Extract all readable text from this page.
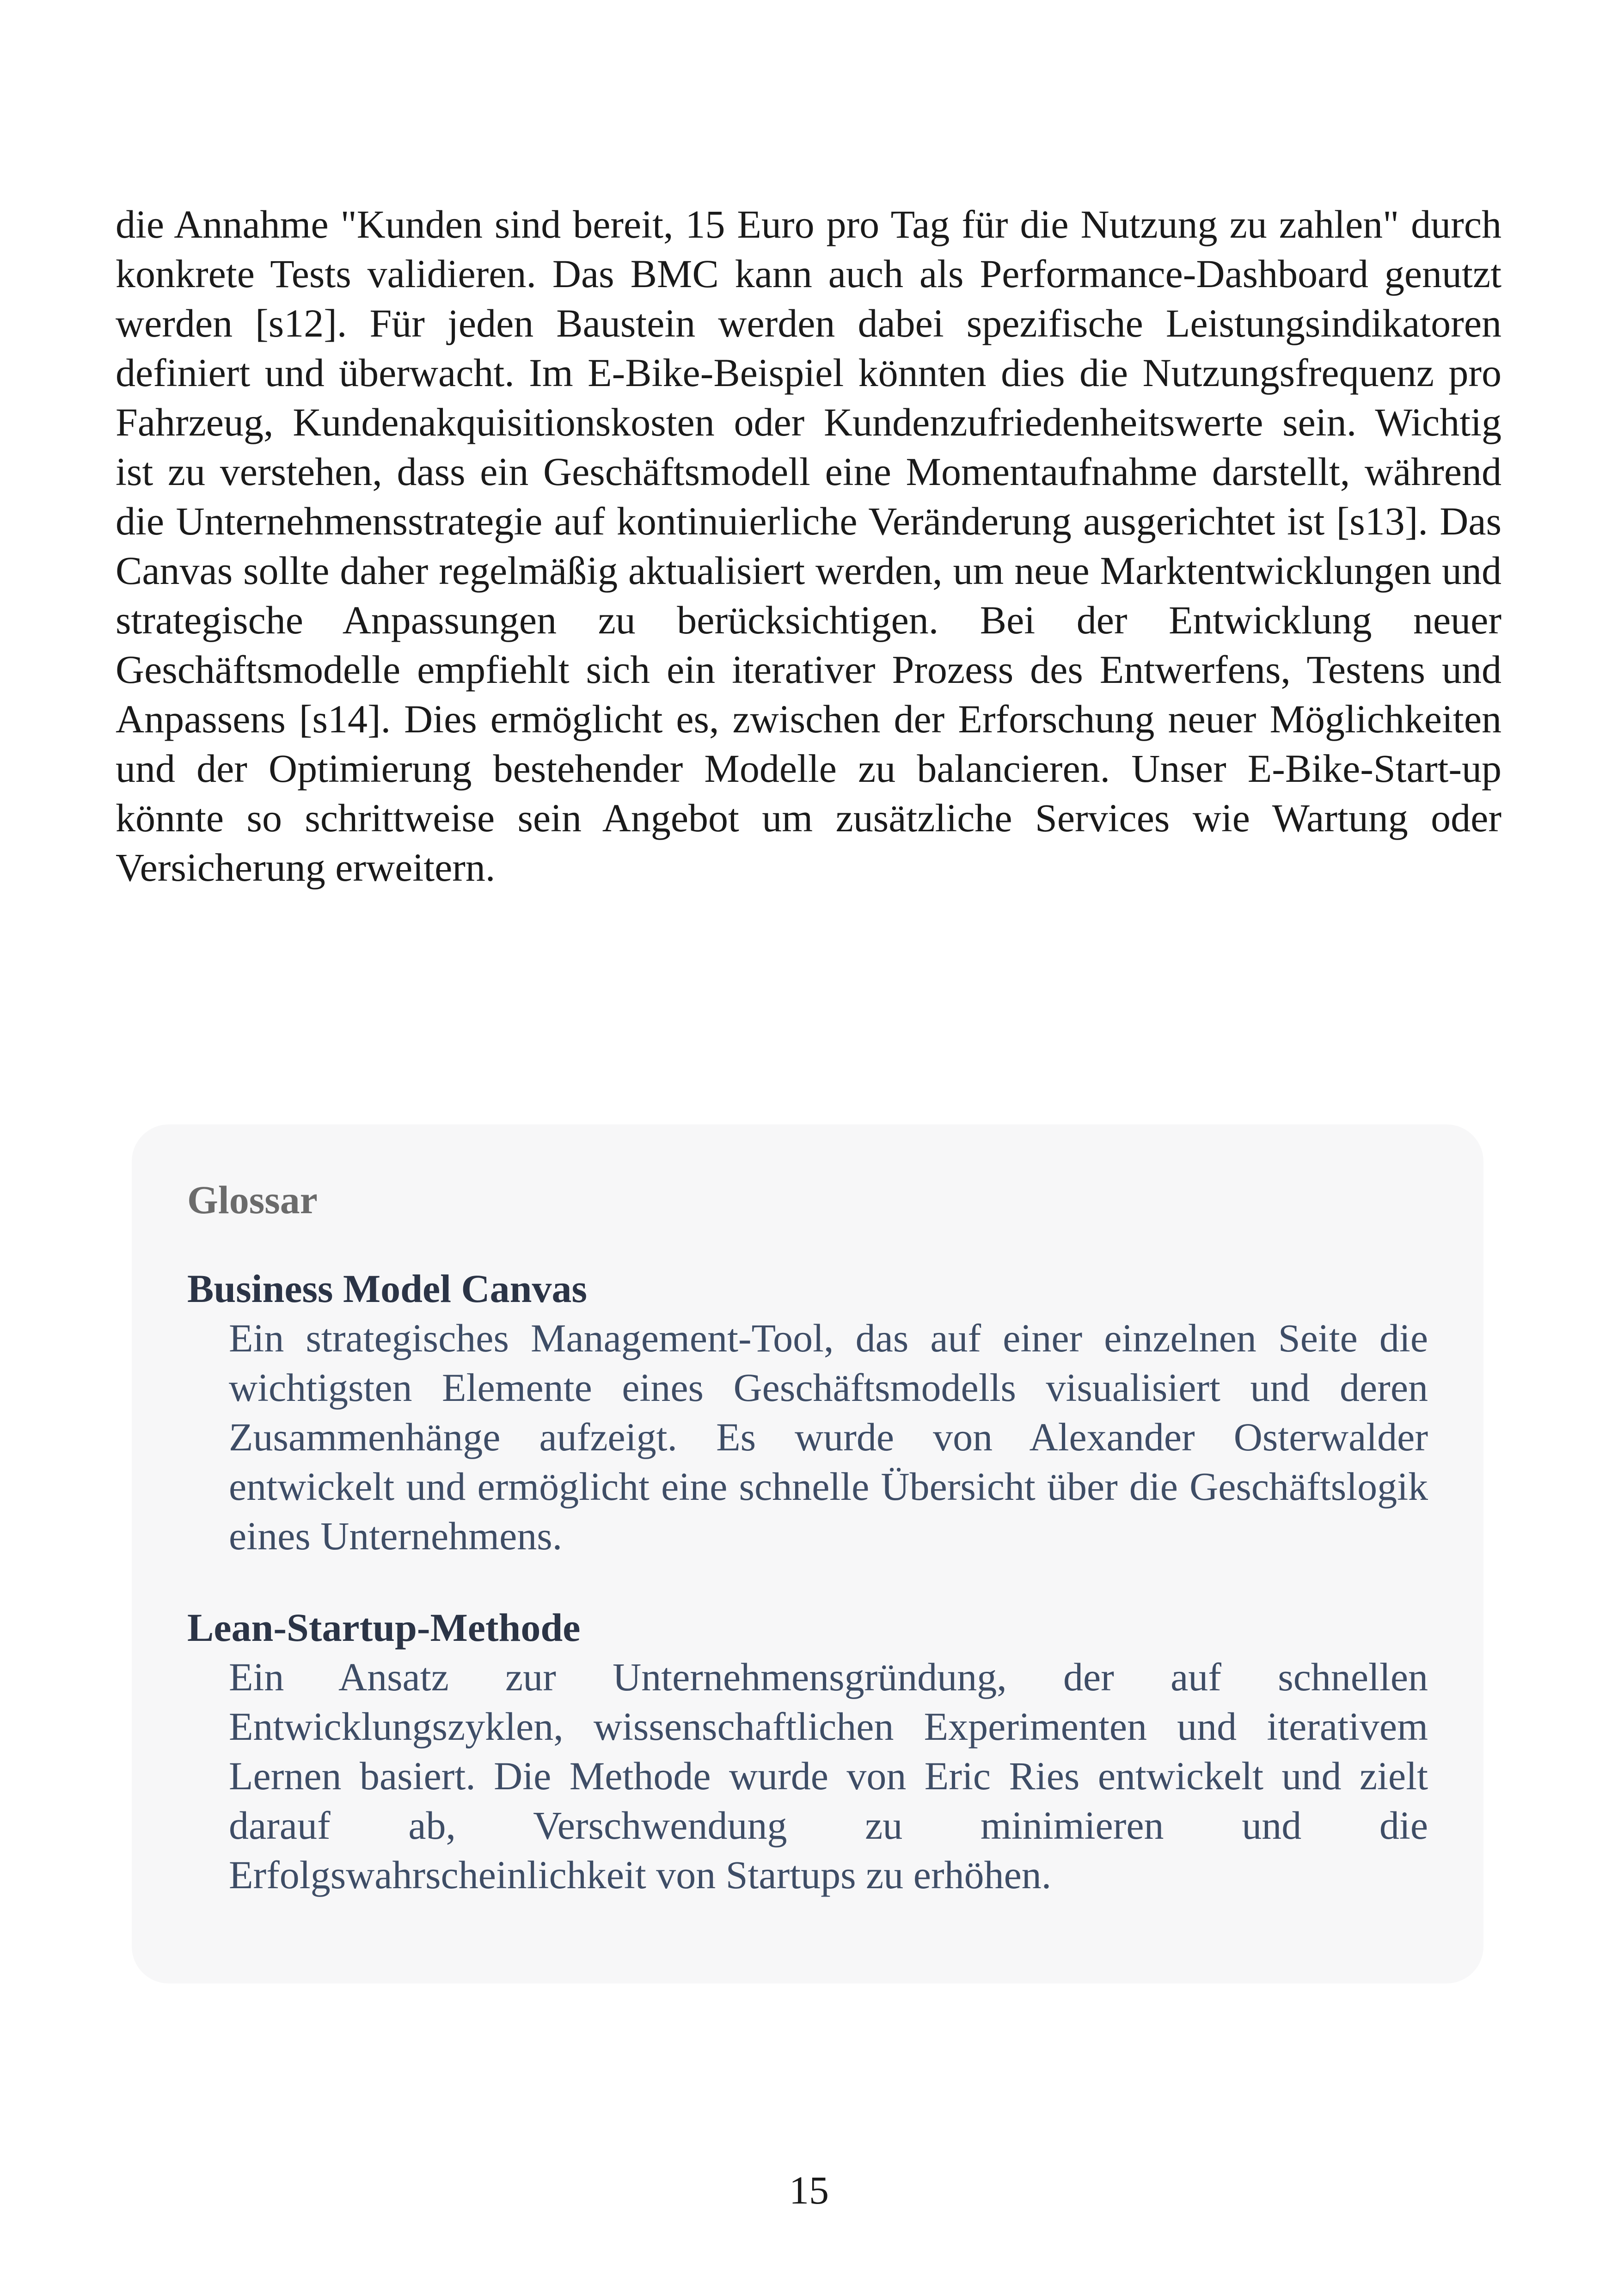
die Annahme "Kunden sind bereit, 15 Euro pro Tag für die Nutzung zu zahlen" durch konkrete Tests validieren. Das BMC kann auch als Performance-Dashboard genutzt werden [s12]. Für jeden Baustein werden dabei spezifische Leistungsindikatoren definiert und überwacht. Im E-Bike-Beispiel könnten dies die Nutzungsfrequenz pro Fahrzeug, Kundenakquisitionskosten oder Kundenzufriedenheitswerte sein. Wichtig ist zu verstehen, dass ein Geschäftsmodell eine Momentaufnahme darstellt, während die Unternehmensstrategie auf kontinuierliche Veränderung ausgerichtet ist [s13]. Das Canvas sollte daher regelmäßig aktualisiert werden, um neue Marktentwicklungen und strategische Anpassungen zu berücksichtigen. Bei der Entwicklung neuer Geschäftsmodelle empfiehlt sich ein iterativer Prozess des Entwerfens, Testens und Anpassens [s14]. Dies ermöglicht es, zwischen der Erforschung neuer Möglichkeiten und der Optimierung bestehender Modelle zu balancieren. Unser E-Bike-Start-up könnte so schrittweise sein Angebot um zusätzliche Services wie Wartung oder Versicherung erweitern.

Glossar

Business Model Canvas

Ein strategisches Management-Tool, das auf einer einzelnen Seite die wichtigsten Elemente eines Geschäftsmodells visualisiert und deren Zusammenhänge aufzeigt. Es wurde von Alexander Osterwalder entwickelt und ermöglicht eine schnelle Übersicht über die Geschäftslogik eines Unternehmens.

Lean-Startup-Methode

Ein Ansatz zur Unternehmensgründung, der auf schnellen Entwicklungszyklen, wissenschaftlichen Experimenten und iterativem Lernen basiert. Die Methode wurde von Eric Ries entwickelt und zielt darauf ab, Verschwendung zu minimieren und die Erfolgswahrscheinlichkeit von Startups zu erhöhen.

15
